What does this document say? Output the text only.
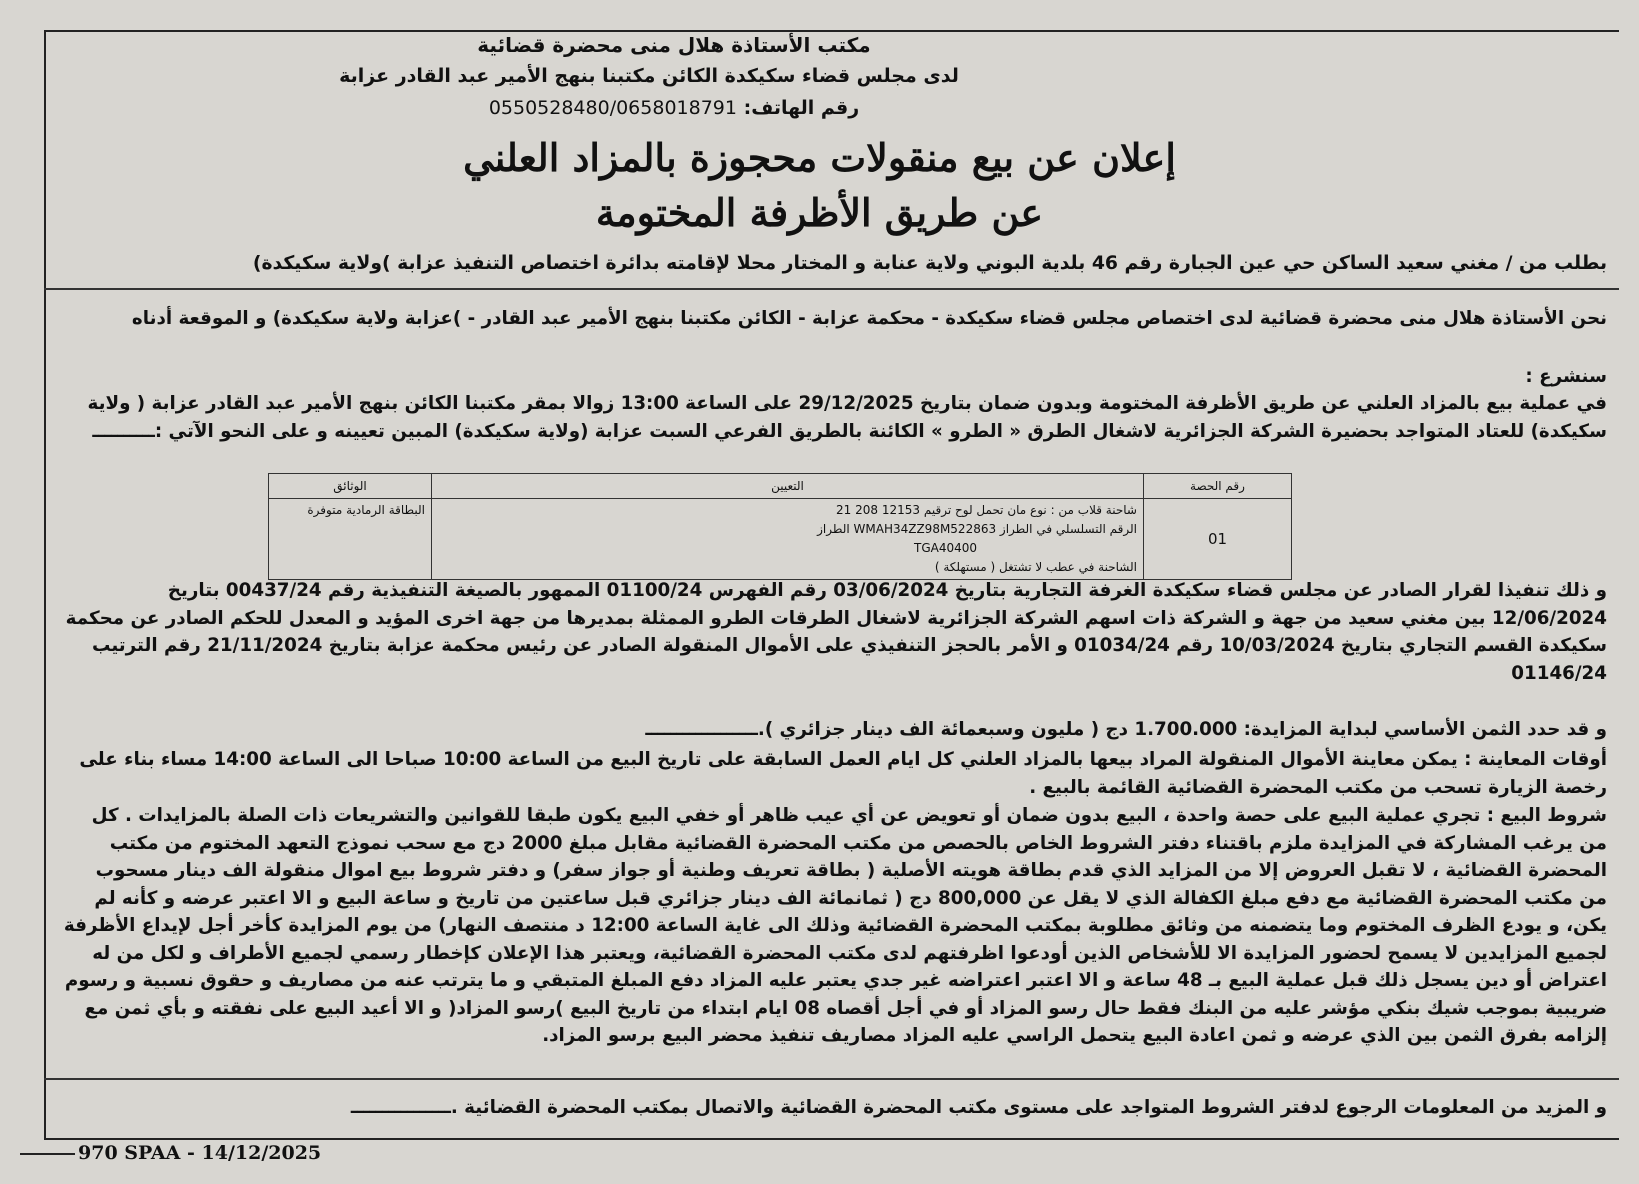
مكتب الأستاذة هلال منى محضرة قضائية
لدى مجلس قضاء سكيكدة الكائن مكتبنا بنهج الأمير عبد القادر عزابة
رقم الهاتف: 0550528480/0658018791
إعلان عن بيع منقولات محجوزة بالمزاد العلني
عن طريق الأظرفة المختومة
بطلب من / مغني سعيد الساكن حي عين الجبارة رقم 46 بلدية البوني ولاية عنابة و المختار محلا لإقامته بدائرة اختصاص التنفيذ عزابة )ولاية سكيكدة)
نحن الأستاذة هلال منى محضرة قضائية لدى اختصاص مجلس قضاء سكيكدة - محكمة عزابة - الكائن مكتبنا بنهج الأمير عبد القادر - )عزابة ولاية سكيكدة) و الموقعة أدناه
سنشرع :
في عملية بيع بالمزاد العلني عن طريق الأظرفة المختومة وبدون ضمان بتاريخ 29/12/2025 على الساعة 13:00 زوالا بمقر مكتبنا الكائن بنهج الأمير عبد القادر عزابة ( ولاية سكيكدة) للعتاد المتواجد بحضيرة الشركة الجزائرية لاشغال الطرق « الطرو » الكائنة بالطريق الفرعي السبت عزابة (ولاية سكيكدة) المبين تعيينه و على النحو الآتي :ــــــــــ
رقم الحصة	التعيين	الوثائق
01	شاحنة قلاب من : نوع مان تحمل لوح ترقيم 12153 208 21
الرقم التسلسلي في الطراز WMAH34ZZ98M522863 الطراز
TGA40400
الشاحنة في عطب لا تشتغل ( مستهلكة )	البطاقة الرمادية متوفرة
و ذلك تنفيذا لقرار الصادر عن مجلس قضاء سكيكدة الغرفة التجارية بتاريخ 03/06/2024 رقم الفهرس 01100/24 الممهور بالصيغة التنفيذية رقم 00437/24 بتاريخ 12/06/2024 بين مغني سعيد من جهة و الشركة ذات اسهم الشركة الجزائرية لاشغال الطرقات الطرو الممثلة بمديرها من جهة اخرى المؤيد و المعدل للحكم الصادر عن محكمة سكيكدة القسم التجاري بتاريخ 10/03/2024 رقم 01034/24 و الأمر بالحجز التنفيذي على الأموال المنقولة الصادر عن رئيس محكمة عزابة بتاريخ 21/11/2024 رقم الترتيب 01146/24
و قد حدد الثمن الأساسي لبداية المزايدة: 1.700.000 دج ( مليون وسبعمائة الف دينار جزائري ).ــــــــــــــــــ
أوقات المعاينة : يمكن معاينة الأموال المنقولة المراد بيعها بالمزاد العلني كل ايام العمل السابقة على تاريخ البيع من الساعة 10:00 صباحا الى الساعة 14:00 مساء بناء على رخصة الزيارة تسحب من مكتب المحضرة القضائية القائمة بالبيع .
شروط البيع : تجري عملية البيع على حصة واحدة ، البيع بدون ضمان أو تعويض عن أي عيب ظاهر أو خفي البيع يكون طبقا للقوانين والتشريعات ذات الصلة بالمزايدات . كل من يرغب المشاركة في المزايدة ملزم باقتناء دفتر الشروط الخاص بالحصص من مكتب المحضرة القضائية مقابل مبلغ 2000 دج مع سحب نموذج التعهد المختوم من مكتب المحضرة القضائية ، لا تقبل العروض إلا من المزايد الذي قدم بطاقة هويته الأصلية ( بطاقة تعريف وطنية أو جواز سفر) و دفتر شروط بيع اموال منقولة الف دينار مسحوب من مكتب المحضرة القضائية مع دفع مبلغ الكفالة الذي لا يقل عن 800,000 دج ( ثمانمائة الف دينار جزائري قبل ساعتين من تاريخ و ساعة البيع و الا اعتبر عرضه و كأنه لم يكن، و يودع الظرف المختوم وما يتضمنه من وثائق مطلوبة بمكتب المحضرة القضائية وذلك الى غاية الساعة 12:00 د منتصف النهار) من يوم المزايدة كأخر أجل لإيداع الأظرفة لجميع المزايدين لا يسمح لحضور المزايدة الا للأشخاص الذين أودعوا اظرفتهم لدى مكتب المحضرة القضائية، ويعتبر هذا الإعلان كإخطار رسمي لجميع الأطراف و لكل من له اعتراض أو دين يسجل ذلك قبل عملية البيع بـ 48 ساعة و الا اعتبر اعتراضه غير جدي يعتبر عليه المزاد دفع المبلغ المتبقي و ما يترتب عنه من مصاريف و حقوق نسبية و رسوم ضريبية بموجب شيك بنكي مؤشر عليه من البنك فقط حال رسو المزاد أو في أجل أقصاه 08 ايام ابتداء من تاريخ البيع )رسو المزاد( و الا أعيد البيع على نفقته و بأي ثمن مع إلزامه بفرق الثمن بين الذي عرضه و ثمن اعادة البيع يتحمل الراسي عليه المزاد مصاريف تنفيذ محضر البيع برسو المزاد.
و المزيد من المعلومات الرجوع لدفتر الشروط المتواجد على مستوى مكتب المحضرة القضائية والاتصال بمكتب المحضرة القضائية .ــــــــــــــــ
970 SPAA - 14/12/2025
